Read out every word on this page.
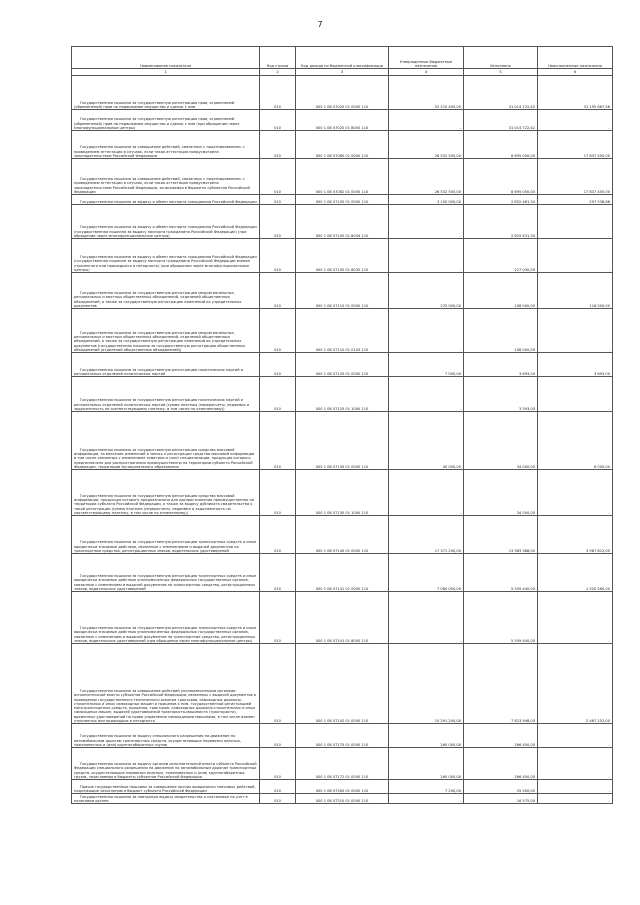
7
Наименование показателя	Код строки	Код дохода по бюджетной классификации	Утвержденные бюджетные назначения	Исполнено	Неисполненные назначения
1	2	3	4	5	6

Государственная пошлина за государственную регистрацию прав, ограничений (обременений) прав на недвижимое имущество и сделок с ним	010	000 1 08 07020 01 0000 110	52 210 400,00	31 014 722,42	31 195 667,58

Государственная пошлина за государственную регистрацию прав, ограничений (обременений) прав на недвижимое имущество и сделок с ним (при обращении через многофункциональные центры)	010	000 1 08 07020 01 8000 110	-	31 014 722,42	-

Государственная пошлина за совершение действий, связанных с лицензированием, с проведением аттестации в случаях, если такая аттестация предусмотрена законодательством Российской Федерации	010	000 1 08 07080 01 0000 110	26 532 500,00	8 695 050,00	17 837 450,00

Государственная пошлина за совершение действий, связанных с лицензированием, с проведением аттестации в случаях, если такая аттестация предусмотрена законодательством Российской Федерации, зачисляемая в бюджеты субъектов Российской Федерации	010	000 1 08 07082 01 0000 110	26 532 500,00	8 695 050,00	17 837 450,00

Государственная пошлина за выдачу и обмен паспорта гражданина Российской Федерации	010	000 1 08 07100 01 0000 110	3 150 000,00	2 852 461,34	297 538,66

Государственная пошлина за выдачу и обмен паспорта гражданина Российской Федерации (государственная пошлина за выдачу паспорта гражданина Российской Федерации) (при обращении через многофункциональные центры)	010	000 1 08 07100 01 8034 110	-	2 625 431,34	-

Государственная пошлина за выдачу и обмен паспорта гражданина Российской Федерации (государственная пошлина за выдачу паспорта гражданина Российской Федерации взамен утраченного или пришедшего в негодность) (при обращении через многофункциональные центры)	010	000 1 08 07100 01 8035 110	-	227 030,00	-

Государственная пошлина за государственную регистрацию межрегиональных, региональных и местных общественных объединений, отделений общественных объединений, а также за государственную регистрацию изменений их учредительных документов	010	000 1 08 07110 01 0000 110	225 000,00	108 000,00	118 000,00

Государственная пошлина за государственную регистрацию межрегиональных, региональных и местных общественных объединений, отделений общественных объединений, а также за государственную регистрацию изменений их учредительных документов (государственная пошлина за государственную регистрацию общественных объединений (отделений общественных объединений))	010	000 1 08 07110 01 0103 110	-	108 000,00	-

Государственная пошлина за государственную регистрацию политических партий и региональных отделений политических партий	010	000 1 08 07120 01 0000 110	7 000,00	3 693,00	3 693,00

Государственная пошлина за государственную регистрацию политических партий и региональных отделений политических партий (сумма платежа (перерасчеты, недоимка и задолженность по соответствующему платежу, в том числе по отмененному))	010	000 1 08 07120 01 1000 110	-	3 593,00	-

Государственная пошлина за государственную регистрацию средства массовой информации, за внесение изменений в запись о регистрации средства массовой информации в том числе связанных с изменением тематики и (или) специализации, продукция которого предназначена для распространения преимущественно на территории субъекта Российской Федерации, территории муниципального образования	010	000 1 08 07130 01 0000 110	40 000,00	34 000,00	6 000,00

Государственная пошлина за государственную регистрацию средства массовой информации, продукция которого предназначена для распространения преимущественно на территории субъекта Российской Федерации, а также за выдачу дубликата свидетельства о такой регистрации (сумма платежа (перерасчеты, недоимка и задолженность по соответствующему платежу, в том числе по отмененному))	010	000 1 08 07130 01 1000 110	-	34 000,00	-

Государственная пошлина за государственную регистрацию транспортных средств и иные юридически значимые действия, связанные с изменениями и выдачей документов на транспортные средства, регистрационных знаков, водительских удостоверений	010	000 1 08 07140 01 0000 110	17 371 200,00	13 383 388,00	3 987 812,00

Государственная пошлина за государственную регистрацию транспортных средств и иные юридически значимые действия уполномоченных федеральных государственных органов, связанные с изменением и выдачей документов на транспортные средства, регистрационных знаков, водительских удостоверений	010	000 1 08 07141 01 0000 110	7 080 000,00	5 559 440,00	1 520 560,00

Государственная пошлина за государственную регистрацию транспортных средств и иные юридически значимые действия уполномоченных федеральных государственных органов, связанные с изменением и выдачей документов на транспортные средства, регистрационных знаков, водительских удостоверений (при обращении через многофункциональные центры)	010	000 1 08 07141 01 8000 110	-	5 559 440,00	-

Государственная пошлина за совершение действий уполномоченными органами исполнительной власти субъектов Российской Федерации, связанных с выдачей документов о проведении государственного технического осмотра тракторов, самоходных дорожно-строительных и иных самоходных машин и прицепов к ним, государственной регистрацией мототранспортных средств, прицепов, тракторов, самоходных дорожно-строительных и иных самоходных машин, выдачей удостоверений тракториста-машиниста (тракториста), временных удостоверений на право управления самоходными машинами, в том числе взамен утраченных или пришедших в негодность	010	000 1 08 07142 01 0000 110	10 291 200,00	7 823 948,00	2 467 252,00

Государственная пошлина за выдачу специального разрешения на движение по автомобильным дорогам транспортных средств, осуществляющих перевозки опасных, тяжеловесных и (или) крупногабаритных грузов	010	000 1 08 07170 01 0000 110	260 000,00	266 400,00	-

Государственная пошлина за выдачу органом исполнительной власти субъекта Российской Федерации специального разрешения на движение по автомобильным дорогам транспортных средств, осуществляющих перевозки опасных, тяжеловесных и (или) крупногабаритных грузов, зачисляемая в бюджеты субъектов Российской Федерации	010	000 1 08 07172 01 0000 110	260 000,00	266 400,00	-

Прочие государственные пошлины за совершение прочих юридически значимых действий, подлежащие зачислению в бюджет субъекта Российской Федерации	010	000 1 08 07300 01 0000 110	7 200,00	25 500,00	-

Государственная пошлина за повторную выдачу свидетельства о постановке на учет в налоговом органе	010	000 1 08 07310 01 0000 110	-	16 575,00	-
